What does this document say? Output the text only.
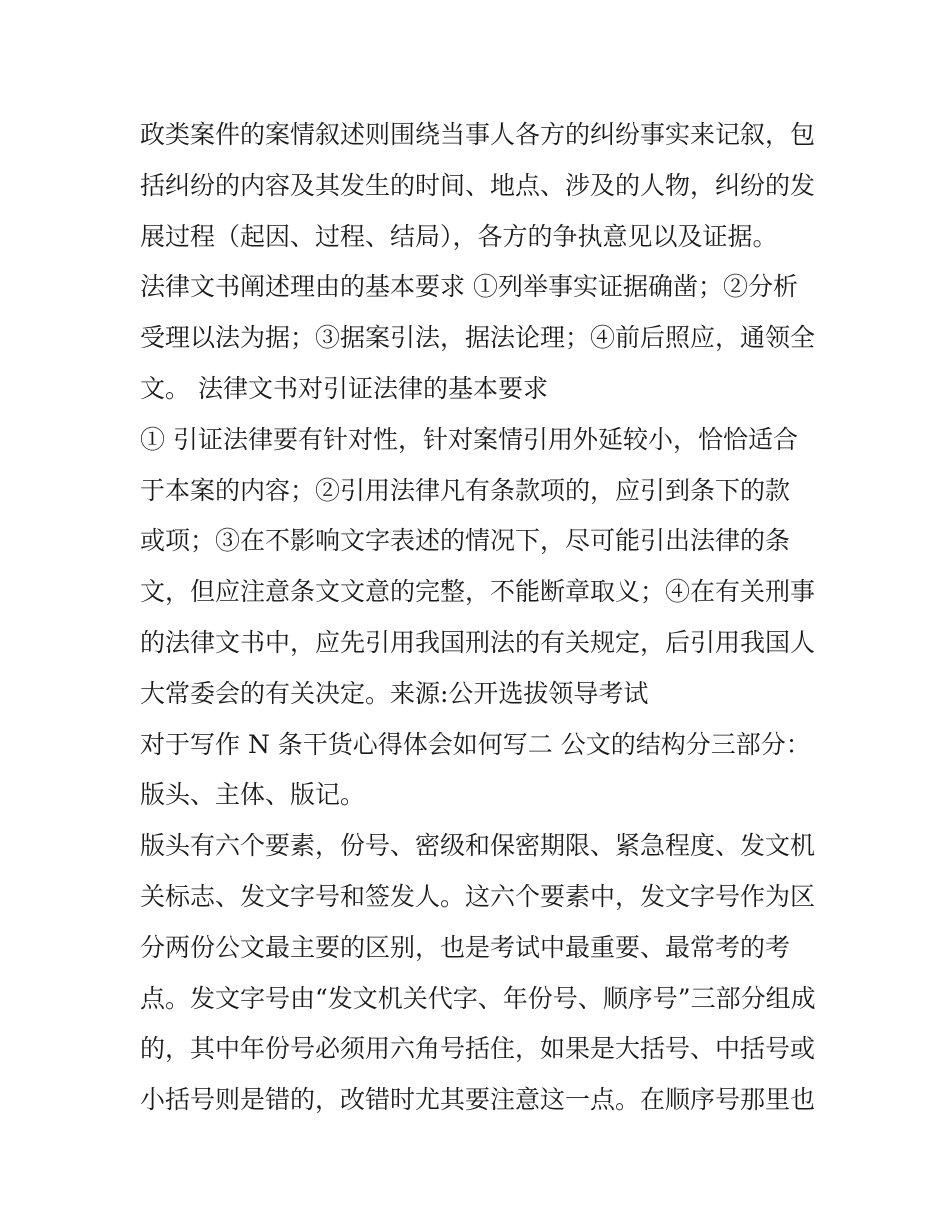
政类案件的案情叙述则围绕当事人各方的纠纷事实来记叙，包
括纠纷的内容及其发生的时间、地点、涉及的人物，纠纷的发
展过程（起因、过程、结局），各方的争执意见以及证据。
法律文书阐述理由的基本要求 ①列举事实证据确凿；②分析
受理以法为据；③据案引法，据法论理；④前后照应，通领全
文。 法律文书对引证法律的基本要求
① 引证法律要有针对性，针对案情引用外延较小，恰恰适合
于本案的内容；②引用法律凡有条款项的，应引到条下的款
或项；③在不影响文字表述的情况下，尽可能引出法律的条
文，但应注意条文文意的完整，不能断章取义；④在有关刑事
的法律文书中，应先引用我国刑法的有关规定，后引用我国人
大常委会的有关决定。来源:公开选拔领导考试
对于写作 N 条干货心得体会如何写二 公文的结构分三部分：
版头、主体、版记。
版头有六个要素，份号、密级和保密期限、紧急程度、发文机
关标志、发文字号和签发人。这六个要素中，发文字号作为区
分两份公文最主要的区别，也是考试中最重要、最常考的考
点。发文字号由“发文机关代字、年份号、顺序号”三部分组成
的，其中年份号必须用六角号括住，如果是大括号、中括号或
小括号则是错的，改错时尤其要注意这一点。在顺序号那里也
